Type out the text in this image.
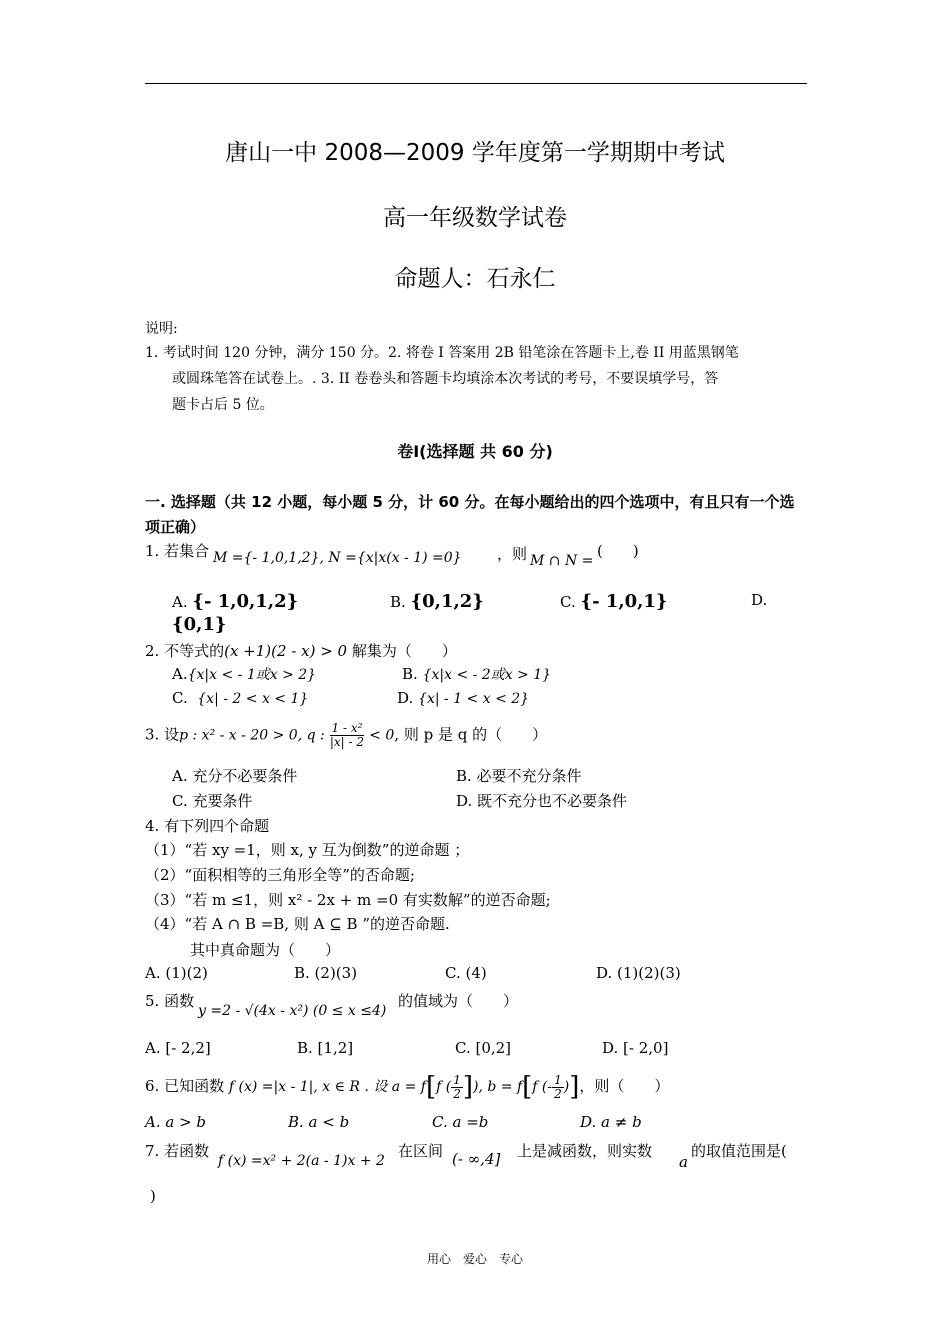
唐山一中 2008—2009 学年度第一学期期中考试
高一年级数学试卷
命题人：石永仁
说明:
1. 考试时间 120 分钟，满分 150 分。2. 将卷 I 答案用 2B 铅笔涂在答题卡上,卷 II 用蓝黑钢笔
或圆珠笔答在试卷上。. 3. II 卷卷头和答题卡均填涂本次考试的考号，不要误填学号，答
题卡占后 5 位。
卷Ⅰ(选择题 共 60 分)
一. 选择题（共 12 小题，每小题 5 分，计 60 分。在每小题给出的四个选项中，有且只有一个选
项正确）
1. 若集合 M ={- 1,0,1,2}, N ={x|x(x - 1) =0} ，则 M ∩ N =
(　　)
A. {- 1,0,1,2}	B. {0,1,2}	C. {- 1,0,1}	D.
{0,1}
2. 不等式的(x +1)(2 - x) > 0 解集为（　　）
A.{x|x < - 1或x > 2}	B. {x|x < - 2或x > 1}
C. {x| - 2 < x < 1}	D. {x| - 1 < x < 2}
3. 设p : x² - x - 20 > 0, q : $\frac{\text{1 - x²}}{|x| - 2} < 0$, 则 p 是 q 的（　　）
A. 充分不必要条件	B. 必要不充分条件
C. 充要条件	D. 既不充分也不必要条件
4. 有下列四个命题
（1）“若 xy =1，则 x, y 互为倒数”的逆命题 ；
（2）“面积相等的三角形全等”的否命题;
（3）“若 m ≤1，则 x² - 2x + m =0 有实数解”的逆否命题;
（4）“若 A ∩ B =B, 则 A ⊆ B ”的逆否命题.
其中真命题为（　　）
A. (1)(2)	B. (2)(3)	C. (4)	D. (1)(2)(3)
5. 函数
y =2 - √(4x - x²) (0 ≤ x ≤4)
的值域为（　　）
A. [- 2,2]	B. [1,2]	C. [0,2]	D. [- 2,0]
6. 已知函数 f (x) =|x - 1|, x ∈ R . 设 a = f[f ( $\frac{1}{2}$ ]), b = f[f (- $\frac{1}{2}$ )]，则（　　）
A. a > b	B. a < b	C. a =b	D. a ≠ b
7. 若函数
f (x) =x² + 2(a - 1)x + 2
在区间 (- ∞,4] 上是减函数，则实数
a
的取值范围是(
)
用心　爱心　专心
